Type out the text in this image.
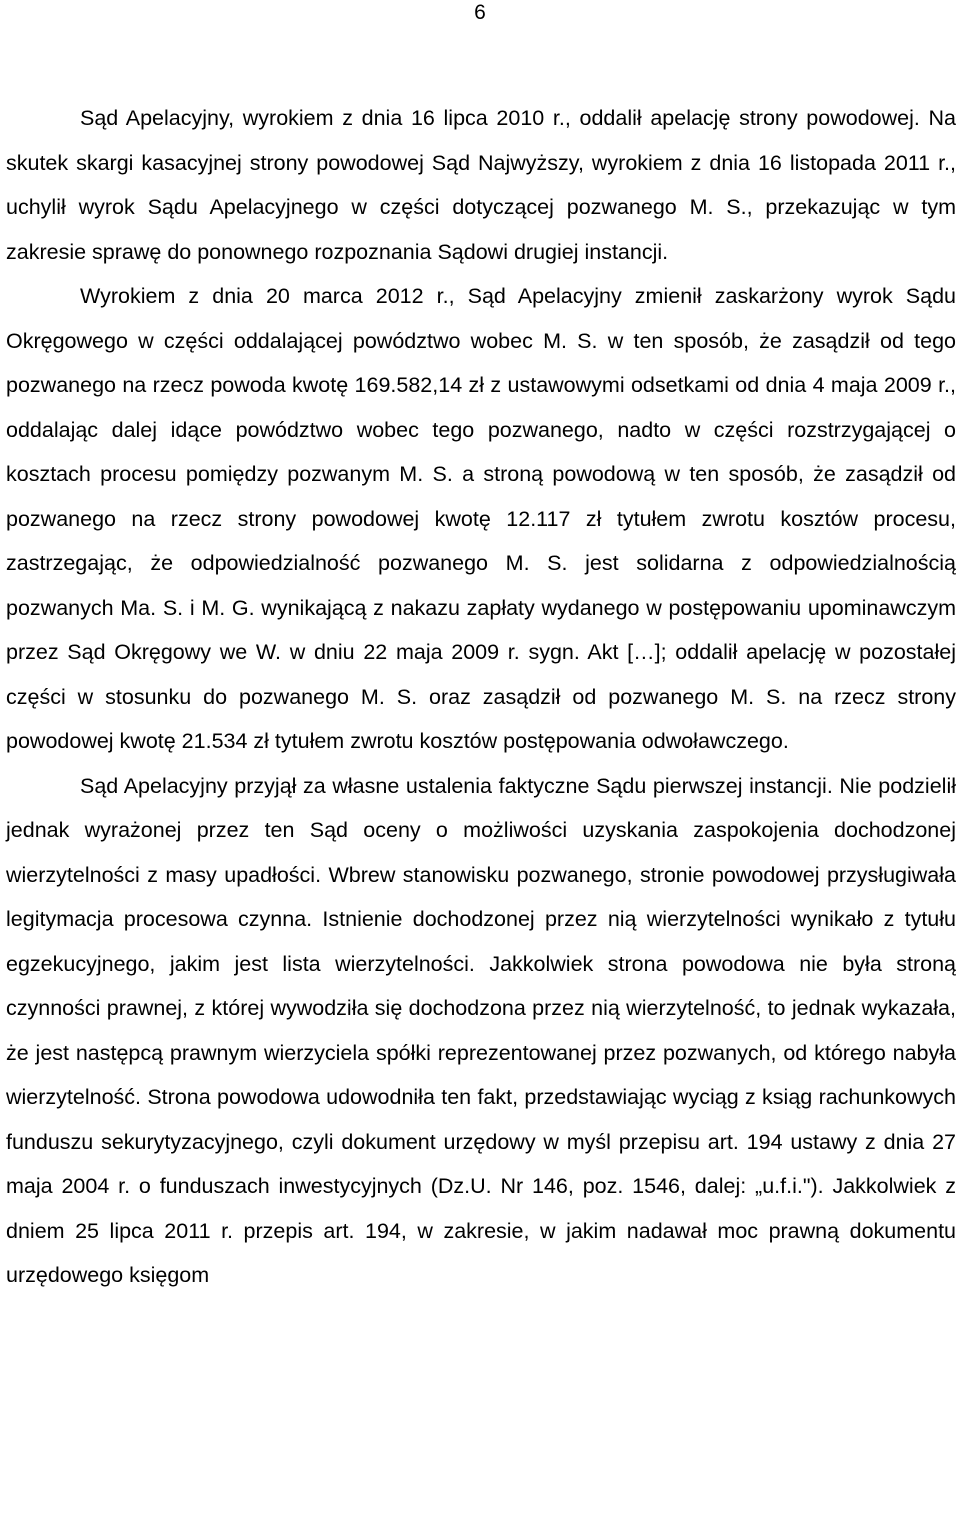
6

Sąd Apelacyjny, wyrokiem z dnia 16 lipca 2010 r., oddalił apelację strony powodowej. Na skutek skargi kasacyjnej strony powodowej Sąd Najwyższy, wyrokiem z dnia 16 listopada 2011 r., uchylił wyrok Sądu Apelacyjnego w części dotyczącej pozwanego M. S., przekazując w tym zakresie sprawę do ponownego rozpoznania Sądowi drugiej instancji.

Wyrokiem z dnia 20 marca 2012 r., Sąd Apelacyjny zmienił zaskarżony wyrok Sądu Okręgowego w części oddalającej powództwo wobec M. S. w ten sposób, że zasądził od tego pozwanego na rzecz powoda kwotę 169.582,14 zł z ustawowymi odsetkami od dnia 4 maja 2009 r., oddalając dalej idące powództwo wobec tego pozwanego, nadto w części rozstrzygającej o kosztach procesu pomiędzy pozwanym M. S. a stroną powodową w ten sposób, że zasądził od pozwanego na rzecz strony powodowej kwotę 12.117 zł tytułem zwrotu kosztów procesu, zastrzegając, że odpowiedzialność pozwanego M. S. jest solidarna z odpowiedzialnością pozwanych Ma. S. i M. G. wynikającą z nakazu zapłaty wydanego w postępowaniu upominawczym przez Sąd Okręgowy we W. w dniu 22 maja 2009 r. sygn. Akt […]; oddalił apelację w pozostałej części w stosunku do pozwanego M. S. oraz zasądził od pozwanego M. S. na rzecz strony powodowej kwotę 21.534 zł tytułem zwrotu kosztów postępowania odwoławczego.

Sąd Apelacyjny przyjął za własne ustalenia faktyczne Sądu pierwszej instancji. Nie podzielił jednak wyrażonej przez ten Sąd oceny o możliwości uzyskania zaspokojenia dochodzonej wierzytelności z masy upadłości. Wbrew stanowisku pozwanego, stronie powodowej przysługiwała legitymacja procesowa czynna. Istnienie dochodzonej przez nią wierzytelności wynikało z tytułu egzekucyjnego, jakim jest lista wierzytelności. Jakkolwiek strona powodowa nie była stroną czynności prawnej, z której wywodziła się dochodzona przez nią wierzytelność, to jednak wykazała, że jest następcą prawnym wierzyciela spółki reprezentowanej przez pozwanych, od którego nabyła wierzytelność. Strona powodowa udowodniła ten fakt, przedstawiając wyciąg z ksiąg rachunkowych funduszu sekurytyzacyjnego, czyli dokument urzędowy w myśl przepisu art. 194 ustawy z dnia 27 maja 2004 r. o funduszach inwestycyjnych (Dz.U. Nr 146, poz. 1546, dalej: „u.f.i."). Jakkolwiek z dniem 25 lipca 2011 r. przepis art. 194, w zakresie, w jakim nadawał moc prawną dokumentu urzędowego księgom
